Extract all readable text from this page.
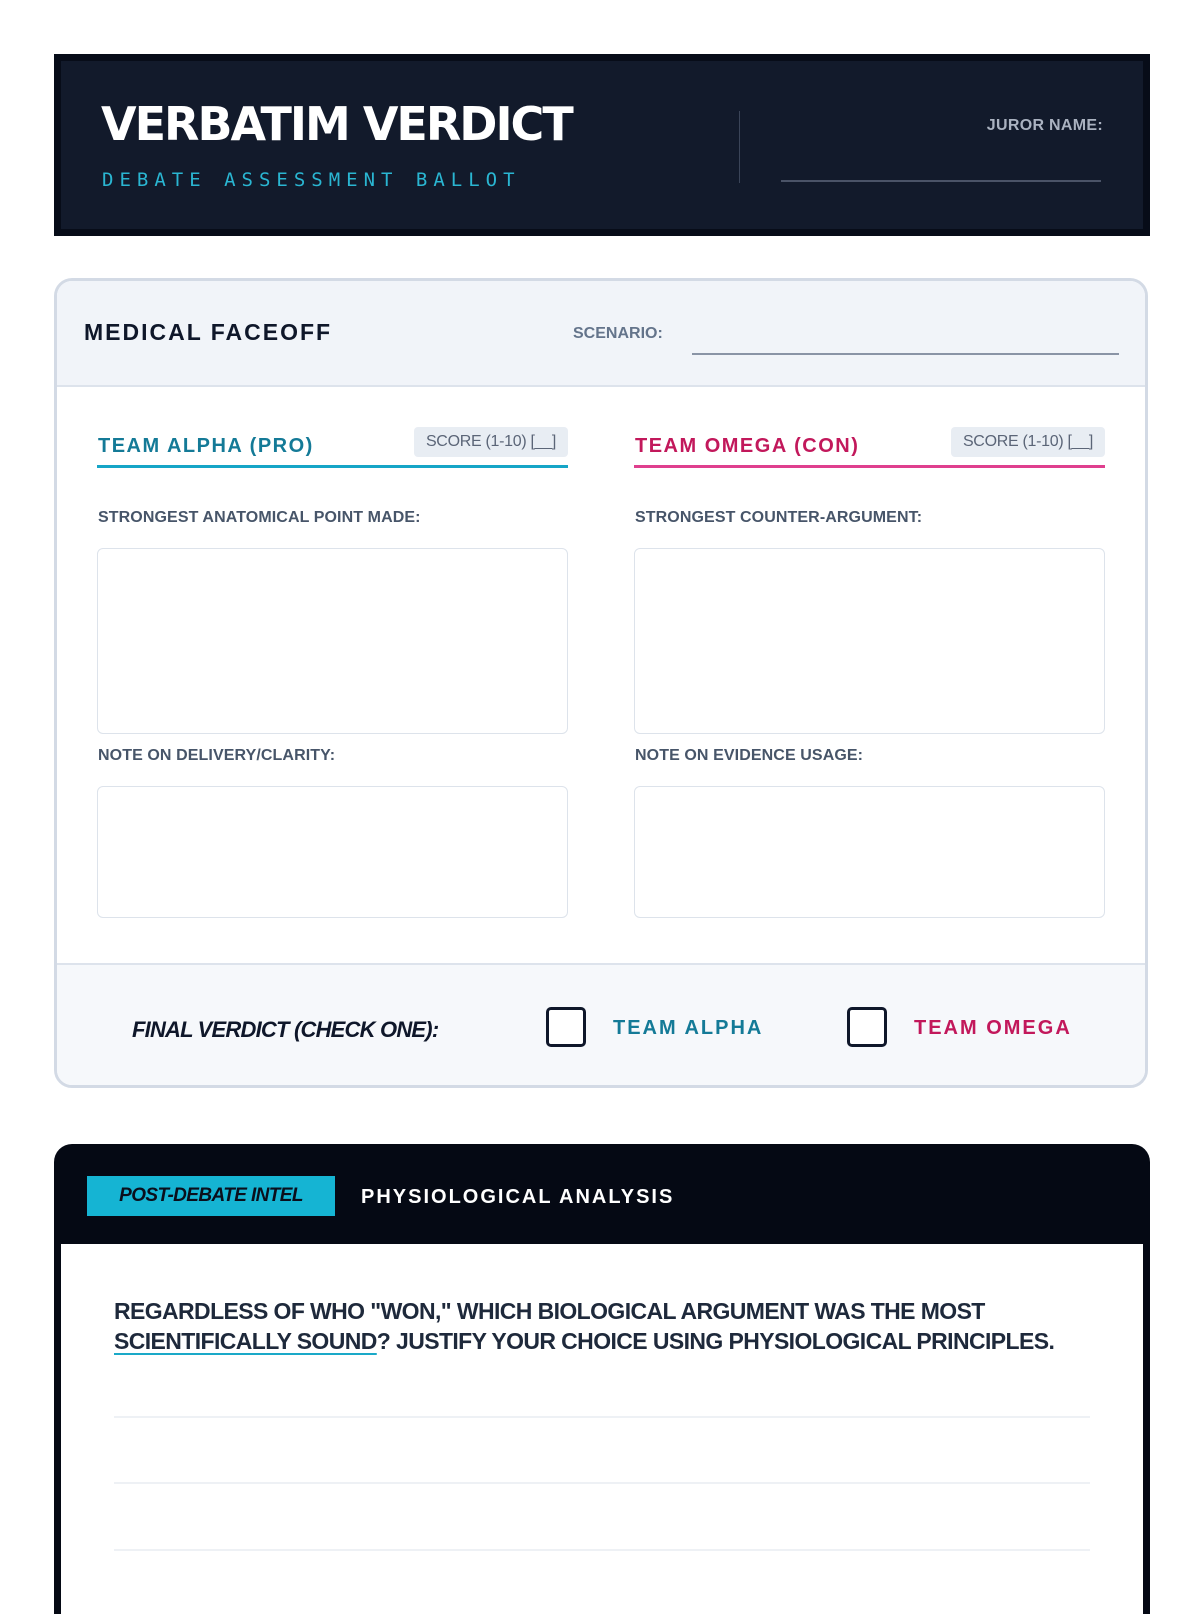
VERBATIM VERDICT
DEBATE ASSESSMENT BALLOT
JUROR NAME:
MEDICAL FACEOFF	SCENARIO:
TEAM ALPHA (PRO)	SCORE (1-10) [__]
STRONGEST ANATOMICAL POINT MADE:
NOTE ON DELIVERY/CLARITY:
TEAM OMEGA (CON)	SCORE (1-10) [__]
STRONGEST COUNTER-ARGUMENT:
NOTE ON EVIDENCE USAGE:
FINAL VERDICT (CHECK ONE):	TEAM ALPHA	TEAM OMEGA
POST-DEBATE INTEL	PHYSIOLOGICAL ANALYSIS

REGARDLESS OF WHO "WON," WHICH BIOLOGICAL ARGUMENT WAS THE MOST SCIENTIFICALLY SOUND? JUSTIFY YOUR CHOICE USING PHYSIOLOGICAL PRINCIPLES.
